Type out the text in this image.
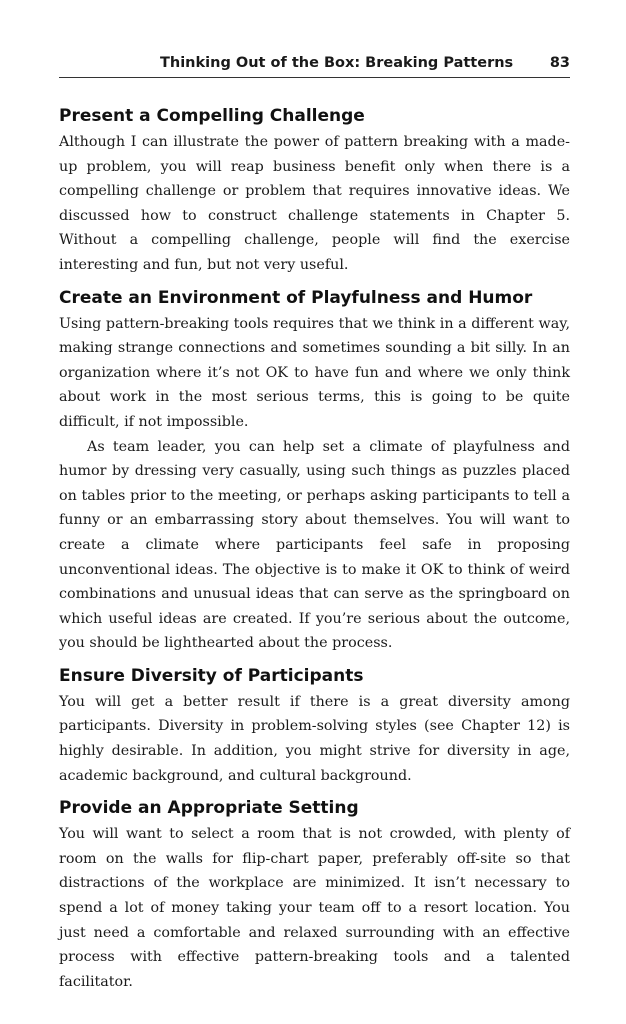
Thinking Out of the Box: Breaking Patterns	83
Present a Compelling Challenge

Although I can illustrate the power of pattern breaking with a made-up problem, you will reap business benefit only when there is a compelling challenge or problem that requires innovative ideas. We discussed how to construct challenge statements in Chapter 5. Without a compelling challenge, people will find the exercise interesting and fun, but not very useful.

Create an Environment of Playfulness and Humor

Using pattern-breaking tools requires that we think in a different way, making strange connections and sometimes sounding a bit silly. In an organization where it’s not OK to have fun and where we only think about work in the most serious terms, this is going to be quite difficult, if not impossible.

As team leader, you can help set a climate of playfulness and humor by dressing very casually, using such things as puzzles placed on tables prior to the meeting, or perhaps asking participants to tell a funny or an embarrassing story about themselves. You will want to create a climate where participants feel safe in proposing unconventional ideas. The objective is to make it OK to think of weird combinations and unusual ideas that can serve as the springboard on which useful ideas are created. If you’re serious about the outcome, you should be lighthearted about the process.

Ensure Diversity of Participants

You will get a better result if there is a great diversity among participants. Diversity in problem-solving styles (see Chapter 12) is highly desirable. In addition, you might strive for diversity in age, academic background, and cultural background.

Provide an Appropriate Setting

You will want to select a room that is not crowded, with plenty of room on the walls for flip-chart paper, preferably off-site so that distractions of the workplace are minimized. It isn’t necessary to spend a lot of money taking your team off to a resort location. You just need a comfortable and relaxed surrounding with an effective process with effective pattern-breaking tools and a talented facilitator.
